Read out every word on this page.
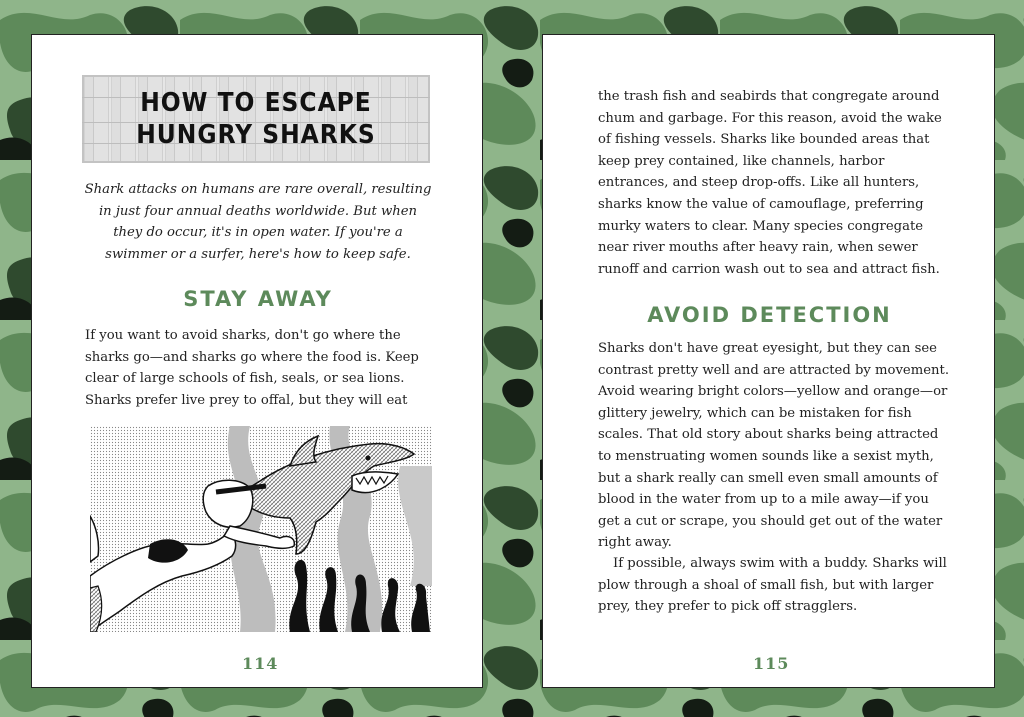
HOW TO ESCAPE
HUNGRY SHARKS

Shark attacks on humans are rare overall, resulting in just four annual deaths worldwide. But when they do occur, it's in open water. If you're a swimmer or a surfer, here's how to keep safe.

STAY AWAY

If you want to avoid sharks, don't go where the sharks go—and sharks go where the food is. Keep clear of large schools of fish, seals, or sea lions. Sharks prefer live prey to offal, but they will eat

114

the trash fish and seabirds that congregate around chum and garbage. For this reason, avoid the wake of fishing vessels. Sharks like bounded areas that keep prey contained, like channels, harbor entrances, and steep drop-offs. Like all hunters, sharks know the value of camouflage, preferring murky waters to clear. Many species congregate near river mouths after heavy rain, when sewer runoff and carrion wash out to sea and attract fish.

AVOID DETECTION

Sharks don't have great eyesight, but they can see contrast pretty well and are attracted by movement. Avoid wearing bright colors—yellow and orange—or glittery jewelry, which can be mistaken for fish scales. That old story about sharks being attracted to menstruating women sounds like a sexist myth, but a shark really can smell even small amounts of blood in the water from up to a mile away—if you get a cut or scrape, you should get out of the water right away.

If possible, always swim with a buddy. Sharks will plow through a shoal of small fish, but with larger prey, they prefer to pick off stragglers.

115
